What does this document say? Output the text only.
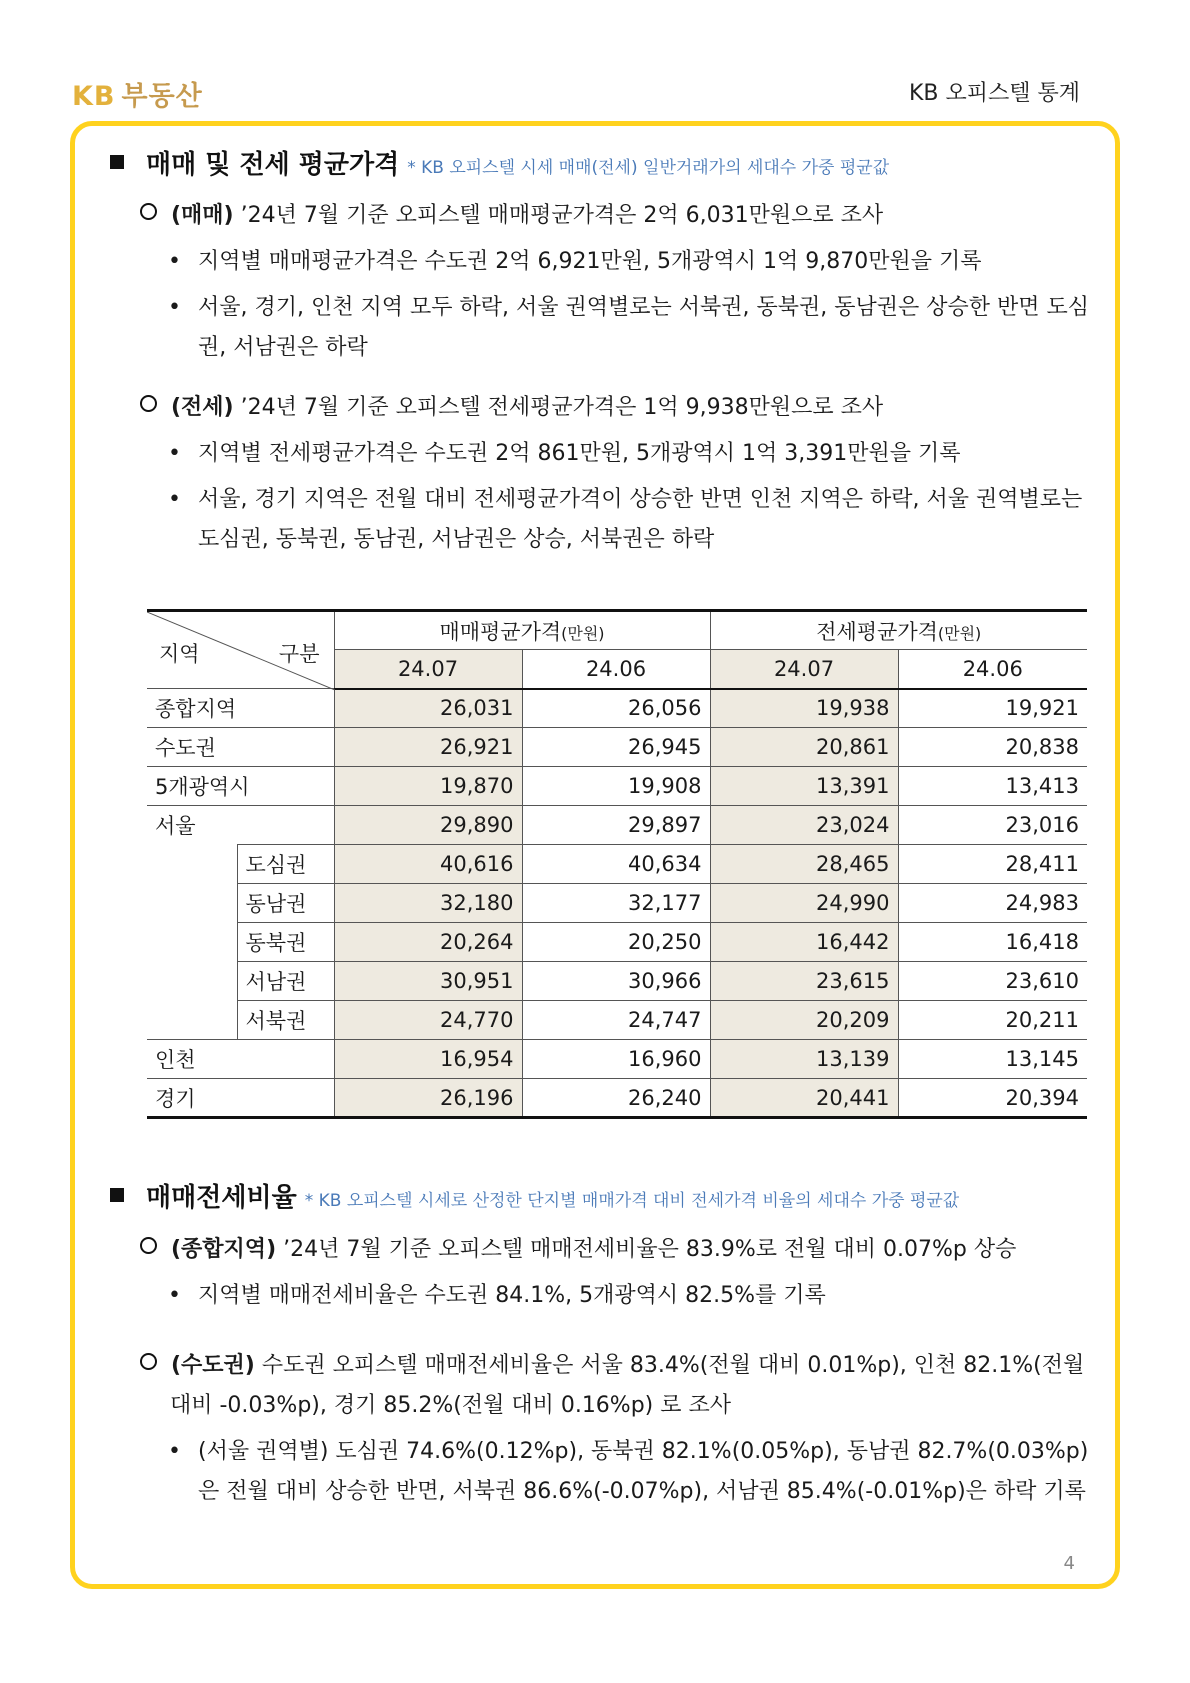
KB 부동산	KB 오피스텔 통계
매매 및 전세 평균가격 * KB 오피스텔 시세 매매(전세) 일반거래가의 세대수 가중 평균값
(매매) ’24년 7월 기준 오피스텔 매매평균가격은 2억 6,031만원으로 조사
• 지역별 매매평균가격은 수도권 2억 6,921만원, 5개광역시 1억 9,870만원을 기록
• 서울, 경기, 인천 지역 모두 하락, 서울 권역별로는 서북권, 동북권, 동남권은 상승한 반면 도심권, 서남권은 하락
(전세) ’24년 7월 기준 오피스텔 전세평균가격은 1억 9,938만원으로 조사
• 지역별 전세평균가격은 수도권 2억 861만원, 5개광역시 1억 3,391만원을 기록
• 서울, 경기 지역은 전월 대비 전세평균가격이 상승한 반면 인천 지역은 하락, 서울 권역별로는 도심권, 동북권, 동남권, 서남권은 상승, 서북권은 하락
지역 구분		매매평균가격(만원)		전세평균가격(만원)	
		24.07	24.06	24.07	24.06
종합지역		26,031	26,056	19,938	19,921
수도권		26,921	26,945	20,861	20,838
5개광역시		19,870	19,908	13,391	13,413
서울		29,890	29,897	23,024	23,016
	도심권	40,616	40,634	28,465	28,411
	동남권	32,180	32,177	24,990	24,983
	동북권	20,264	20,250	16,442	16,418
	서남권	30,951	30,966	23,615	23,610
	서북권	24,770	24,747	20,209	20,211
인천		16,954	16,960	13,139	13,145
경기		26,196	26,240	20,441	20,394
매매전세비율 * KB 오피스텔 시세로 산정한 단지별 매매가격 대비 전세가격 비율의 세대수 가중 평균값
(종합지역) ’24년 7월 기준 오피스텔 매매전세비율은 83.9%로 전월 대비 0.07%p 상승
• 지역별 매매전세비율은 수도권 84.1%, 5개광역시 82.5%를 기록
(수도권) 수도권 오피스텔 매매전세비율은 서울 83.4%(전월 대비 0.01%p), 인천 82.1%(전월
대비 -0.03%p), 경기 85.2%(전월 대비 0.16%p) 로 조사
• (서울 권역별) 도심권 74.6%(0.12%p), 동북권 82.1%(0.05%p), 동남권 82.7%(0.03%p)은 전월 대비 상승한 반면, 서북권 86.6%(-0.07%p), 서남권 85.4%(-0.01%p)은 하락 기록
4
